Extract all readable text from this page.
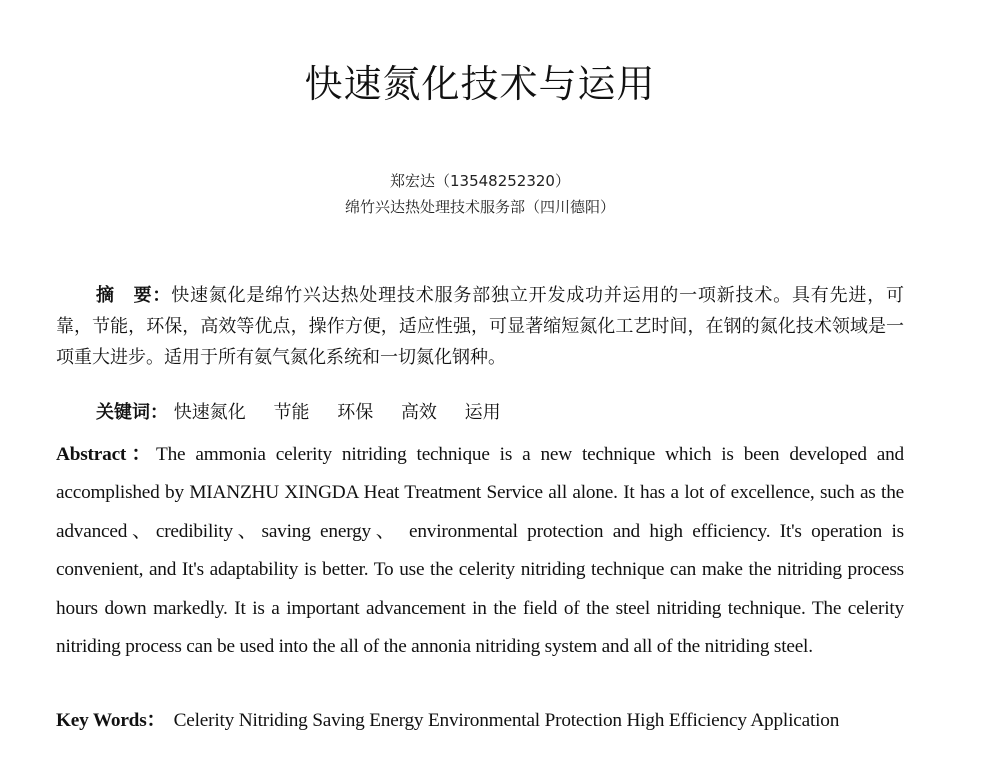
快速氮化技术与运用
郑宏达（13548252320）
绵竹兴达热处理技术服务部（四川德阳）
摘　要：快速氮化是绵竹兴达热处理技术服务部独立开发成功并运用的一项新技术。具有先进，可靠，节能，环保，高效等优点，操作方便，适应性强，可显著缩短氮化工艺时间，在钢的氮化技术领域是一项重大进步。适用于所有氨气氮化系统和一切氮化钢种。
关键词： 快速氮化 节能 环保 高效 运用
Abstract：The ammonia celerity nitriding technique is a new technique which is been developed and accomplished by MIANZHU XINGDA Heat Treatment Service all alone. It has a lot of excellence, such as the advanced、credibility、saving energy、 environmental protection and high efficiency. It's operation is convenient, and It's adaptability is better. To use the celerity nitriding technique can make the nitriding process hours down markedly. It is a important advancement in the field of the steel nitriding technique. The celerity nitriding process can be used into the all of the annonia nitriding system and all of the nitriding steel.
Key Words： Celerity Nitriding Saving Energy Environmental Protection High Efficiency Application
